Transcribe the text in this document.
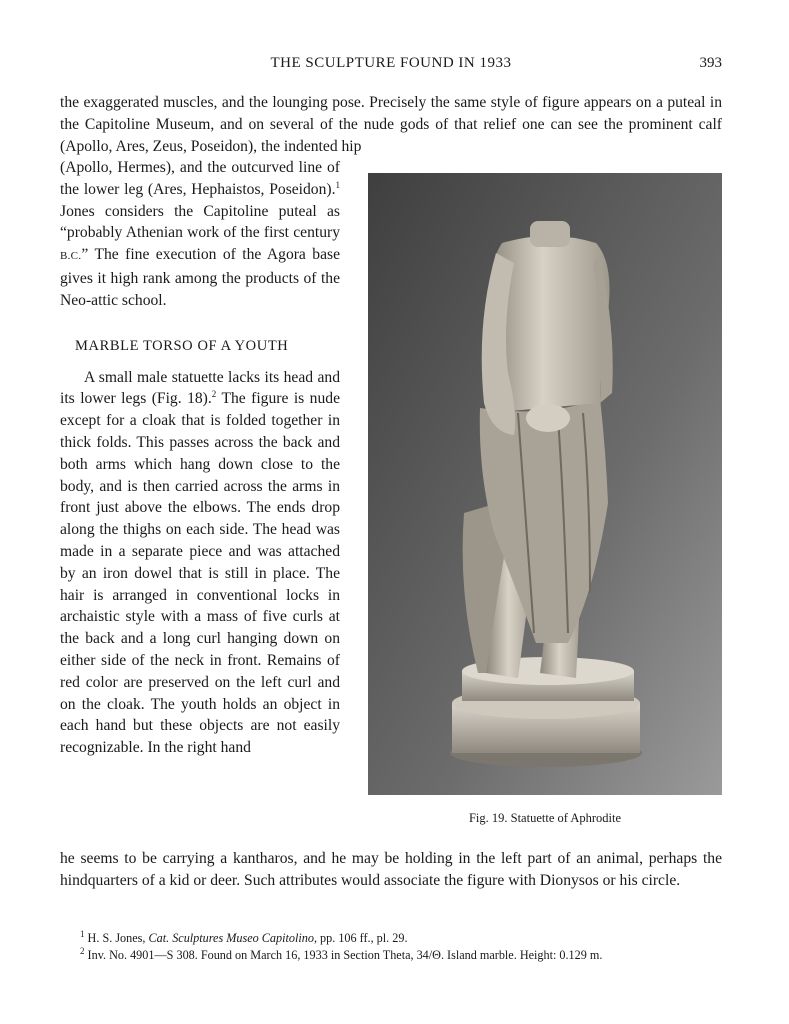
THE SCULPTURE FOUND IN 1933	393

the exaggerated muscles, and the lounging pose. Precisely the same style of figure appears on a puteal in the Capitoline Museum, and on several of the nude gods of that relief one can see the prominent calf (Apollo, Ares, Zeus, Poseidon), the indented hip

(Apollo, Hermes), and the outcurved line of the lower leg (Ares, Hephaistos, Poseidon).$^1$ Jones considers the Capitoline puteal as “probably Athenian work of the first century B.C.” The fine execution of the Agora base gives it high rank among the products of the Neo-attic school.

MARBLE TORSO OF A YOUTH

A small male statuette lacks its head and its lower legs (Fig. 18).$^2$ The figure is nude except for a cloak that is folded together in thick folds. This passes across the back and both arms which hang down close to the body, and is then carried across the arms in front just above the elbows. The ends drop along the thighs on each side. The head was made in a separate piece and was attached by an iron dowel that is still in place. The hair is arranged in conventional locks in archaistic style with a mass of five curls at the back and a long curl hanging down on either side of the neck in front. Remains of red color are preserved on the left curl and on the cloak. The youth holds an object in each hand but these objects are not easily recognizable. In the right hand

Fig. 19. Statuette of Aphrodite

he seems to be carrying a kantharos, and he may be holding in the left part of an animal, perhaps the hindquarters of a kid or deer. Such attributes would associate the figure with Dionysos or his circle.

$^1$ H. S. Jones, Cat. Sculptures Museo Capitolino, pp. 106 ff., pl. 29.
$^2$ Inv. No. 4901—S 308. Found on March 16, 1933 in Section Theta, 34/Θ. Island marble. Height: 0.129 m.
